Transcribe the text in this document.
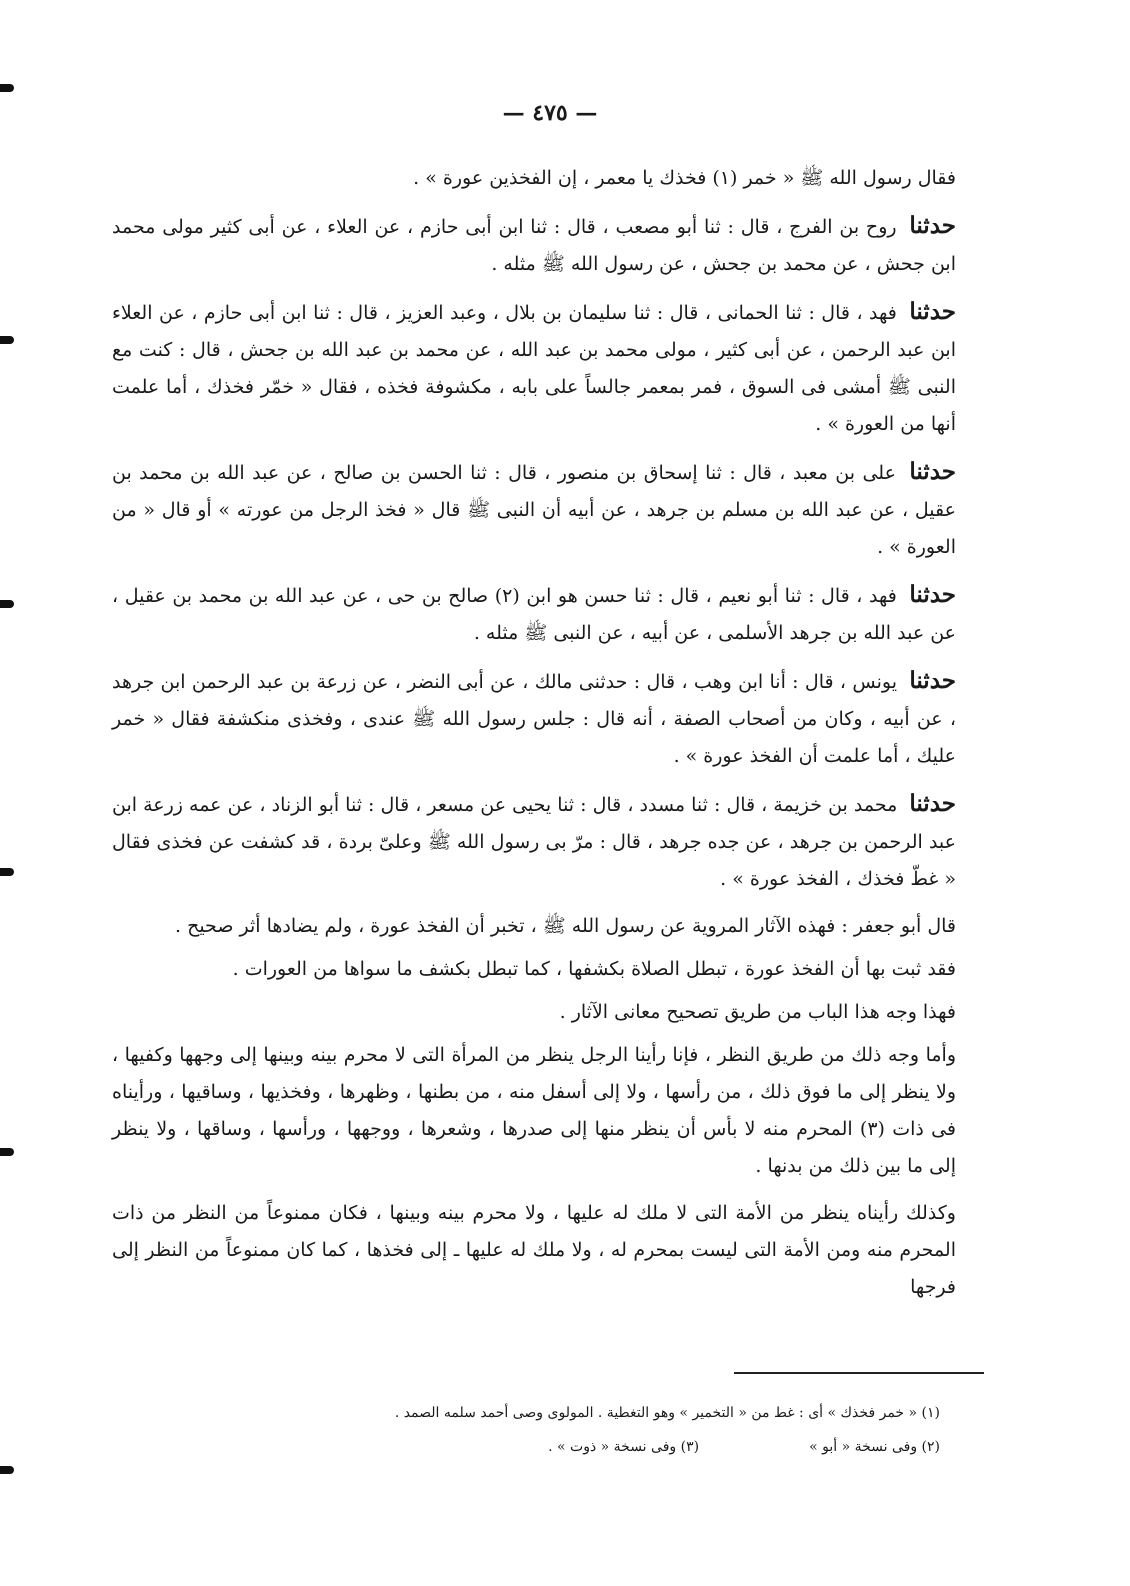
— ٤٧٥ —

فقال رسول الله ﷺ « خمر (١) فخذك يا معمر ، إن الفخذين عورة » .

حدثنا روح بن الفرج ، قال : ثنا أبو مصعب ، قال : ثنا ابن أبى حازم ، عن العلاء ، عن أبى كثير مولى محمد ابن جحش ، عن محمد بن جحش ، عن رسول الله ﷺ مثله .

حدثنا فهد ، قال : ثنا الحمانى ، قال : ثنا سليمان بن بلال ، وعبد العزيز ، قال : ثنا ابن أبى حازم ، عن العلاء ابن عبد الرحمن ، عن أبى كثير ، مولى محمد بن عبد الله ، عن محمد بن عبد الله بن جحش ، قال : كنت مع النبى ﷺ أمشى فى السوق ، فمر بمعمر جالساً على بابه ، مكشوفة فخذه ، فقال « خمّر فخذك ، أما علمت أنها من العورة » .

حدثنا على بن معبد ، قال : ثنا إسحاق بن منصور ، قال : ثنا الحسن بن صالح ، عن عبد الله بن محمد بن عقيل ، عن عبد الله بن مسلم بن جرهد ، عن أبيه أن النبى ﷺ قال « فخذ الرجل من عورته » أو قال « من العورة » .

حدثنا فهد ، قال : ثنا أبو نعيم ، قال : ثنا حسن هو ابن (٢) صالح بن حى ، عن عبد الله بن محمد بن عقيل ، عن عبد الله بن جرهد الأسلمى ، عن أبيه ، عن النبى ﷺ مثله .

حدثنا يونس ، قال : أنا ابن وهب ، قال : حدثنى مالك ، عن أبى النضر ، عن زرعة بن عبد الرحمن ابن جرهد ، عن أبيه ، وكان من أصحاب الصفة ، أنه قال : جلس رسول الله ﷺ عندى ، وفخذى منكشفة فقال « خمر عليك ، أما علمت أن الفخذ عورة » .

حدثنا محمد بن خزيمة ، قال : ثنا مسدد ، قال : ثنا يحيى عن مسعر ، قال : ثنا أبو الزناد ، عن عمه زرعة ابن عبد الرحمن بن جرهد ، عن جده جرهد ، قال : مرّ بى رسول الله ﷺ وعلىّ بردة ، قد كشفت عن فخذى فقال « غطّ فخذك ، الفخذ عورة » .

قال أبو جعفر : فهذه الآثار المروية عن رسول الله ﷺ ، تخبر أن الفخذ عورة ، ولم يضادها أثر صحيح .

فقد ثبت بها أن الفخذ عورة ، تبطل الصلاة بكشفها ، كما تبطل بكشف ما سواها من العورات .

فهذا وجه هذا الباب من طريق تصحيح معانى الآثار .

وأما وجه ذلك من طريق النظر ، فإنا رأينا الرجل ينظر من المرأة التى لا محرم بينه وبينها إلى وجهها وكفيها ، ولا ينظر إلى ما فوق ذلك ، من رأسها ، ولا إلى أسفل منه ، من بطنها ، وظهرها ، وفخذيها ، وساقيها ، ورأيناه فى ذات (٣) المحرم منه لا بأس أن ينظر منها إلى صدرها ، وشعرها ، ووجهها ، ورأسها ، وساقها ، ولا ينظر إلى ما بين ذلك من بدنها .

وكذلك رأيناه ينظر من الأمة التى لا ملك له عليها ، ولا محرم بينه وبينها ، فكان ممنوعاً من النظر من ذات المحرم منه ومن الأمة التى ليست بمحرم له ، ولا ملك له عليها ـ إلى فخذها ، كما كان ممنوعاً من النظر إلى فرجها

(١) « خمر فخذك » أى : غط من « التخمير » وهو التغطية . المولوى وصى أحمد سلمه الصمد .

(٢) وفى نسخة « أبو »(٣) وفى نسخة « ذوت » .
